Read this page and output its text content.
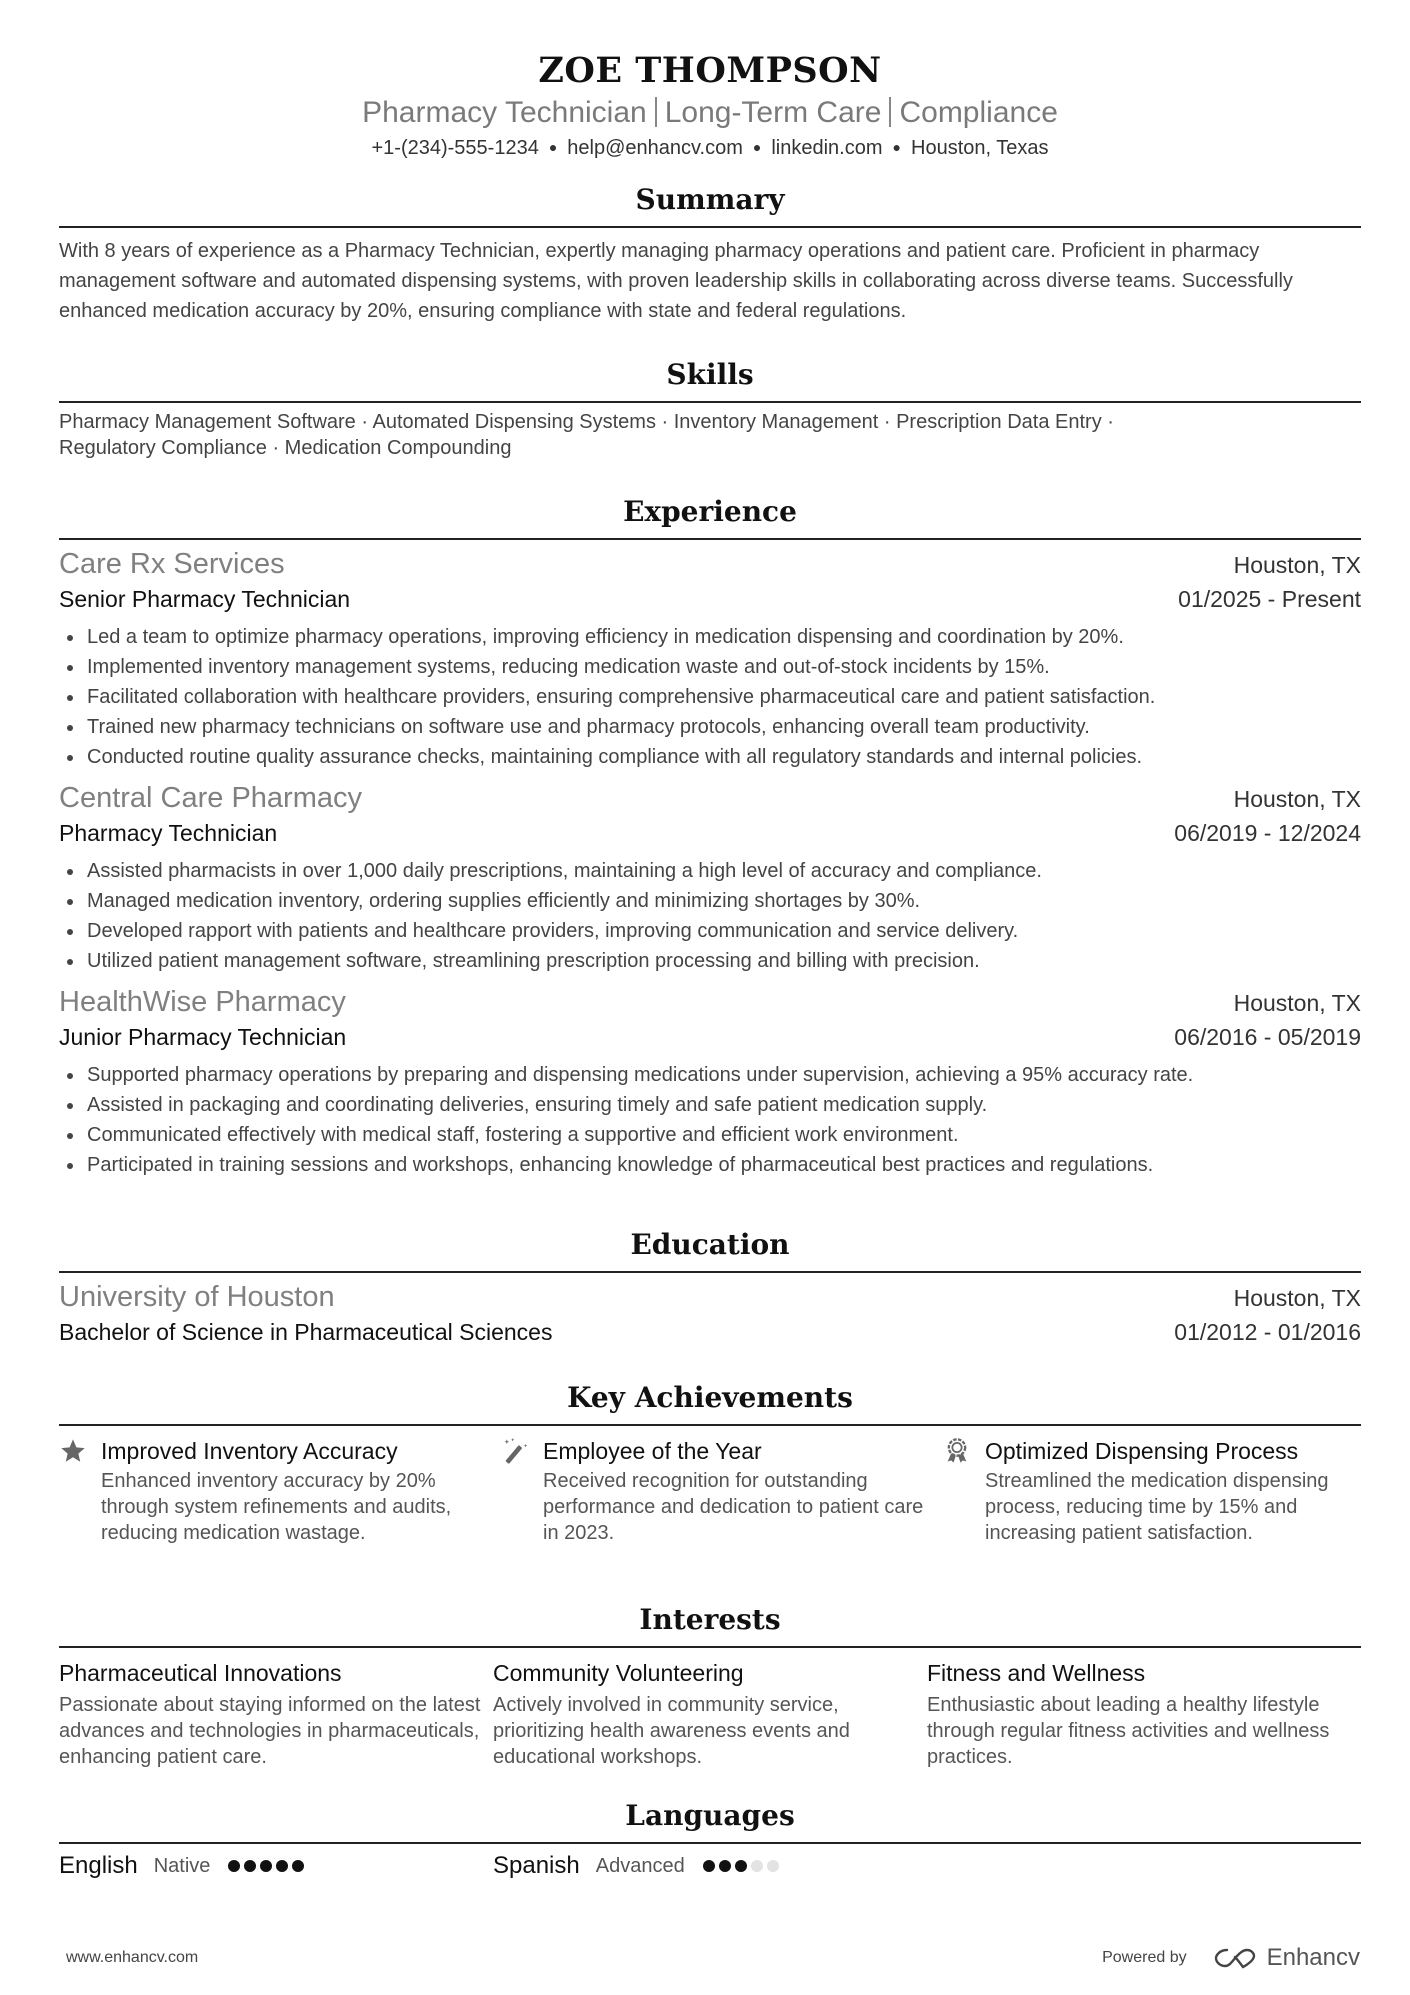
ZOE THOMPSON
Pharmacy Technician Long-Term Care Compliance
+1-(234)-555-1234 ● help@enhancv.com ● linkedin.com ● Houston, Texas
Summary
With 8 years of experience as a Pharmacy Technician, expertly managing pharmacy operations and patient care. Proficient in pharmacy management software and automated dispensing systems, with proven leadership skills in collaborating across diverse teams. Successfully enhanced medication accuracy by 20%, ensuring compliance with state and federal regulations.
Skills
Pharmacy Management Software · Automated Dispensing Systems · Inventory Management · Prescription Data Entry ·
Regulatory Compliance · Medication Compounding
Experience
Care Rx Services	Houston, TX
Senior Pharmacy Technician	01/2025 - Present
Led a team to optimize pharmacy operations, improving efficiency in medication dispensing and coordination by 20%.
Implemented inventory management systems, reducing medication waste and out-of-stock incidents by 15%.
Facilitated collaboration with healthcare providers, ensuring comprehensive pharmaceutical care and patient satisfaction.
Trained new pharmacy technicians on software use and pharmacy protocols, enhancing overall team productivity.
Conducted routine quality assurance checks, maintaining compliance with all regulatory standards and internal policies.
Central Care Pharmacy	Houston, TX
Pharmacy Technician	06/2019 - 12/2024
Assisted pharmacists in over 1,000 daily prescriptions, maintaining a high level of accuracy and compliance.
Managed medication inventory, ordering supplies efficiently and minimizing shortages by 30%.
Developed rapport with patients and healthcare providers, improving communication and service delivery.
Utilized patient management software, streamlining prescription processing and billing with precision.
HealthWise Pharmacy	Houston, TX
Junior Pharmacy Technician	06/2016 - 05/2019
Supported pharmacy operations by preparing and dispensing medications under supervision, achieving a 95% accuracy rate.
Assisted in packaging and coordinating deliveries, ensuring timely and safe patient medication supply.
Communicated effectively with medical staff, fostering a supportive and efficient work environment.
Participated in training sessions and workshops, enhancing knowledge of pharmaceutical best practices and regulations.
Education
University of Houston	Houston, TX
Bachelor of Science in Pharmaceutical Sciences	01/2012 - 01/2016
Key Achievements
Improved Inventory Accuracy
Enhanced inventory accuracy by 20% through system refinements and audits, reducing medication wastage.
Employee of the Year
Received recognition for outstanding performance and dedication to patient care in 2023.
Optimized Dispensing Process
Streamlined the medication dispensing process, reducing time by 15% and increasing patient satisfaction.
Interests
Pharmaceutical Innovations
Passionate about staying informed on the latest advances and technologies in pharmaceuticals, enhancing patient care.
Community Volunteering
Actively involved in community service, prioritizing health awareness events and educational workshops.
Fitness and Wellness
Enthusiastic about leading a healthy lifestyle through regular fitness activities and wellness practices.
Languages
English Native	Spanish Advanced
www.enhancv.com	Powered by	Enhancv
